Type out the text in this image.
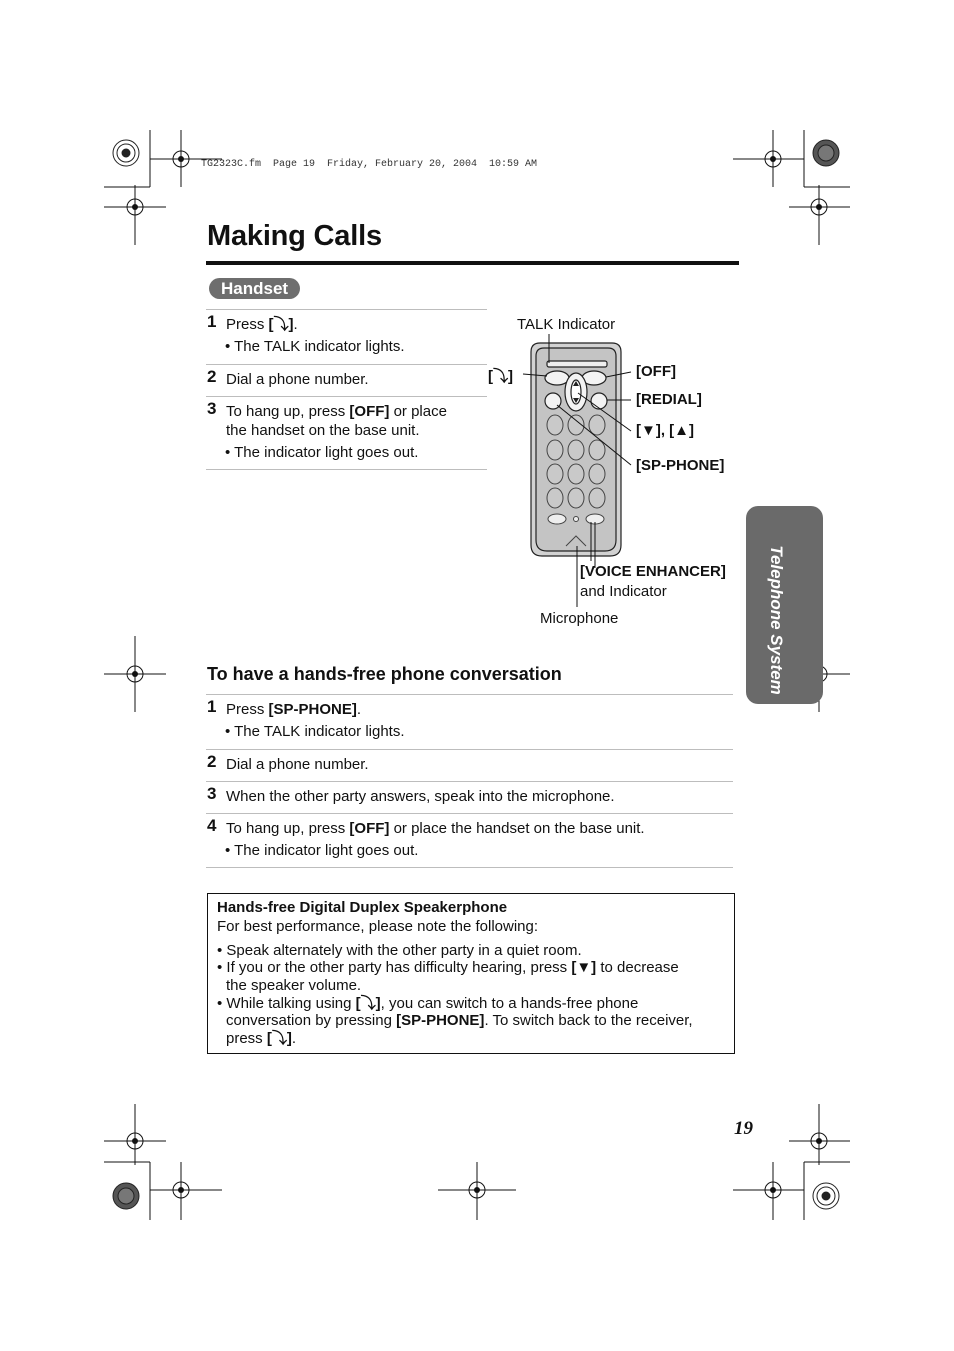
TG2323C.fm  Page 19  Friday, February 20, 2004  10:59 AM
Making Calls
Handset
1 Press [⤵].
• The TALK indicator lights.
2 Dial a phone number.
3 To hang up, press [OFF] or place
the handset on the base unit.
• The indicator light goes out.
TALK Indicator
[⤵]	[OFF]
[REDIAL]
[▼], [▲]
[SP-PHONE]
[VOICE ENHANCER]
and Indicator
Microphone
To have a hands-free phone conversation
1 Press [SP-PHONE].
• The TALK indicator lights.
2 Dial a phone number.
3 When the other party answers, speak into the microphone.
4 To hang up, press [OFF] or place the handset on the base unit.
• The indicator light goes out.
Hands-free Digital Duplex Speakerphone
For best performance, please note the following:
• Speak alternately with the other party in a quiet room.
• If you or the other party has difficulty hearing, press [▼] to decrease
the speaker volume.
• While talking using [⤵], you can switch to a hands-free phone
conversation by pressing [SP-PHONE]. To switch back to the receiver,
press [⤵].
Telephone System
19
